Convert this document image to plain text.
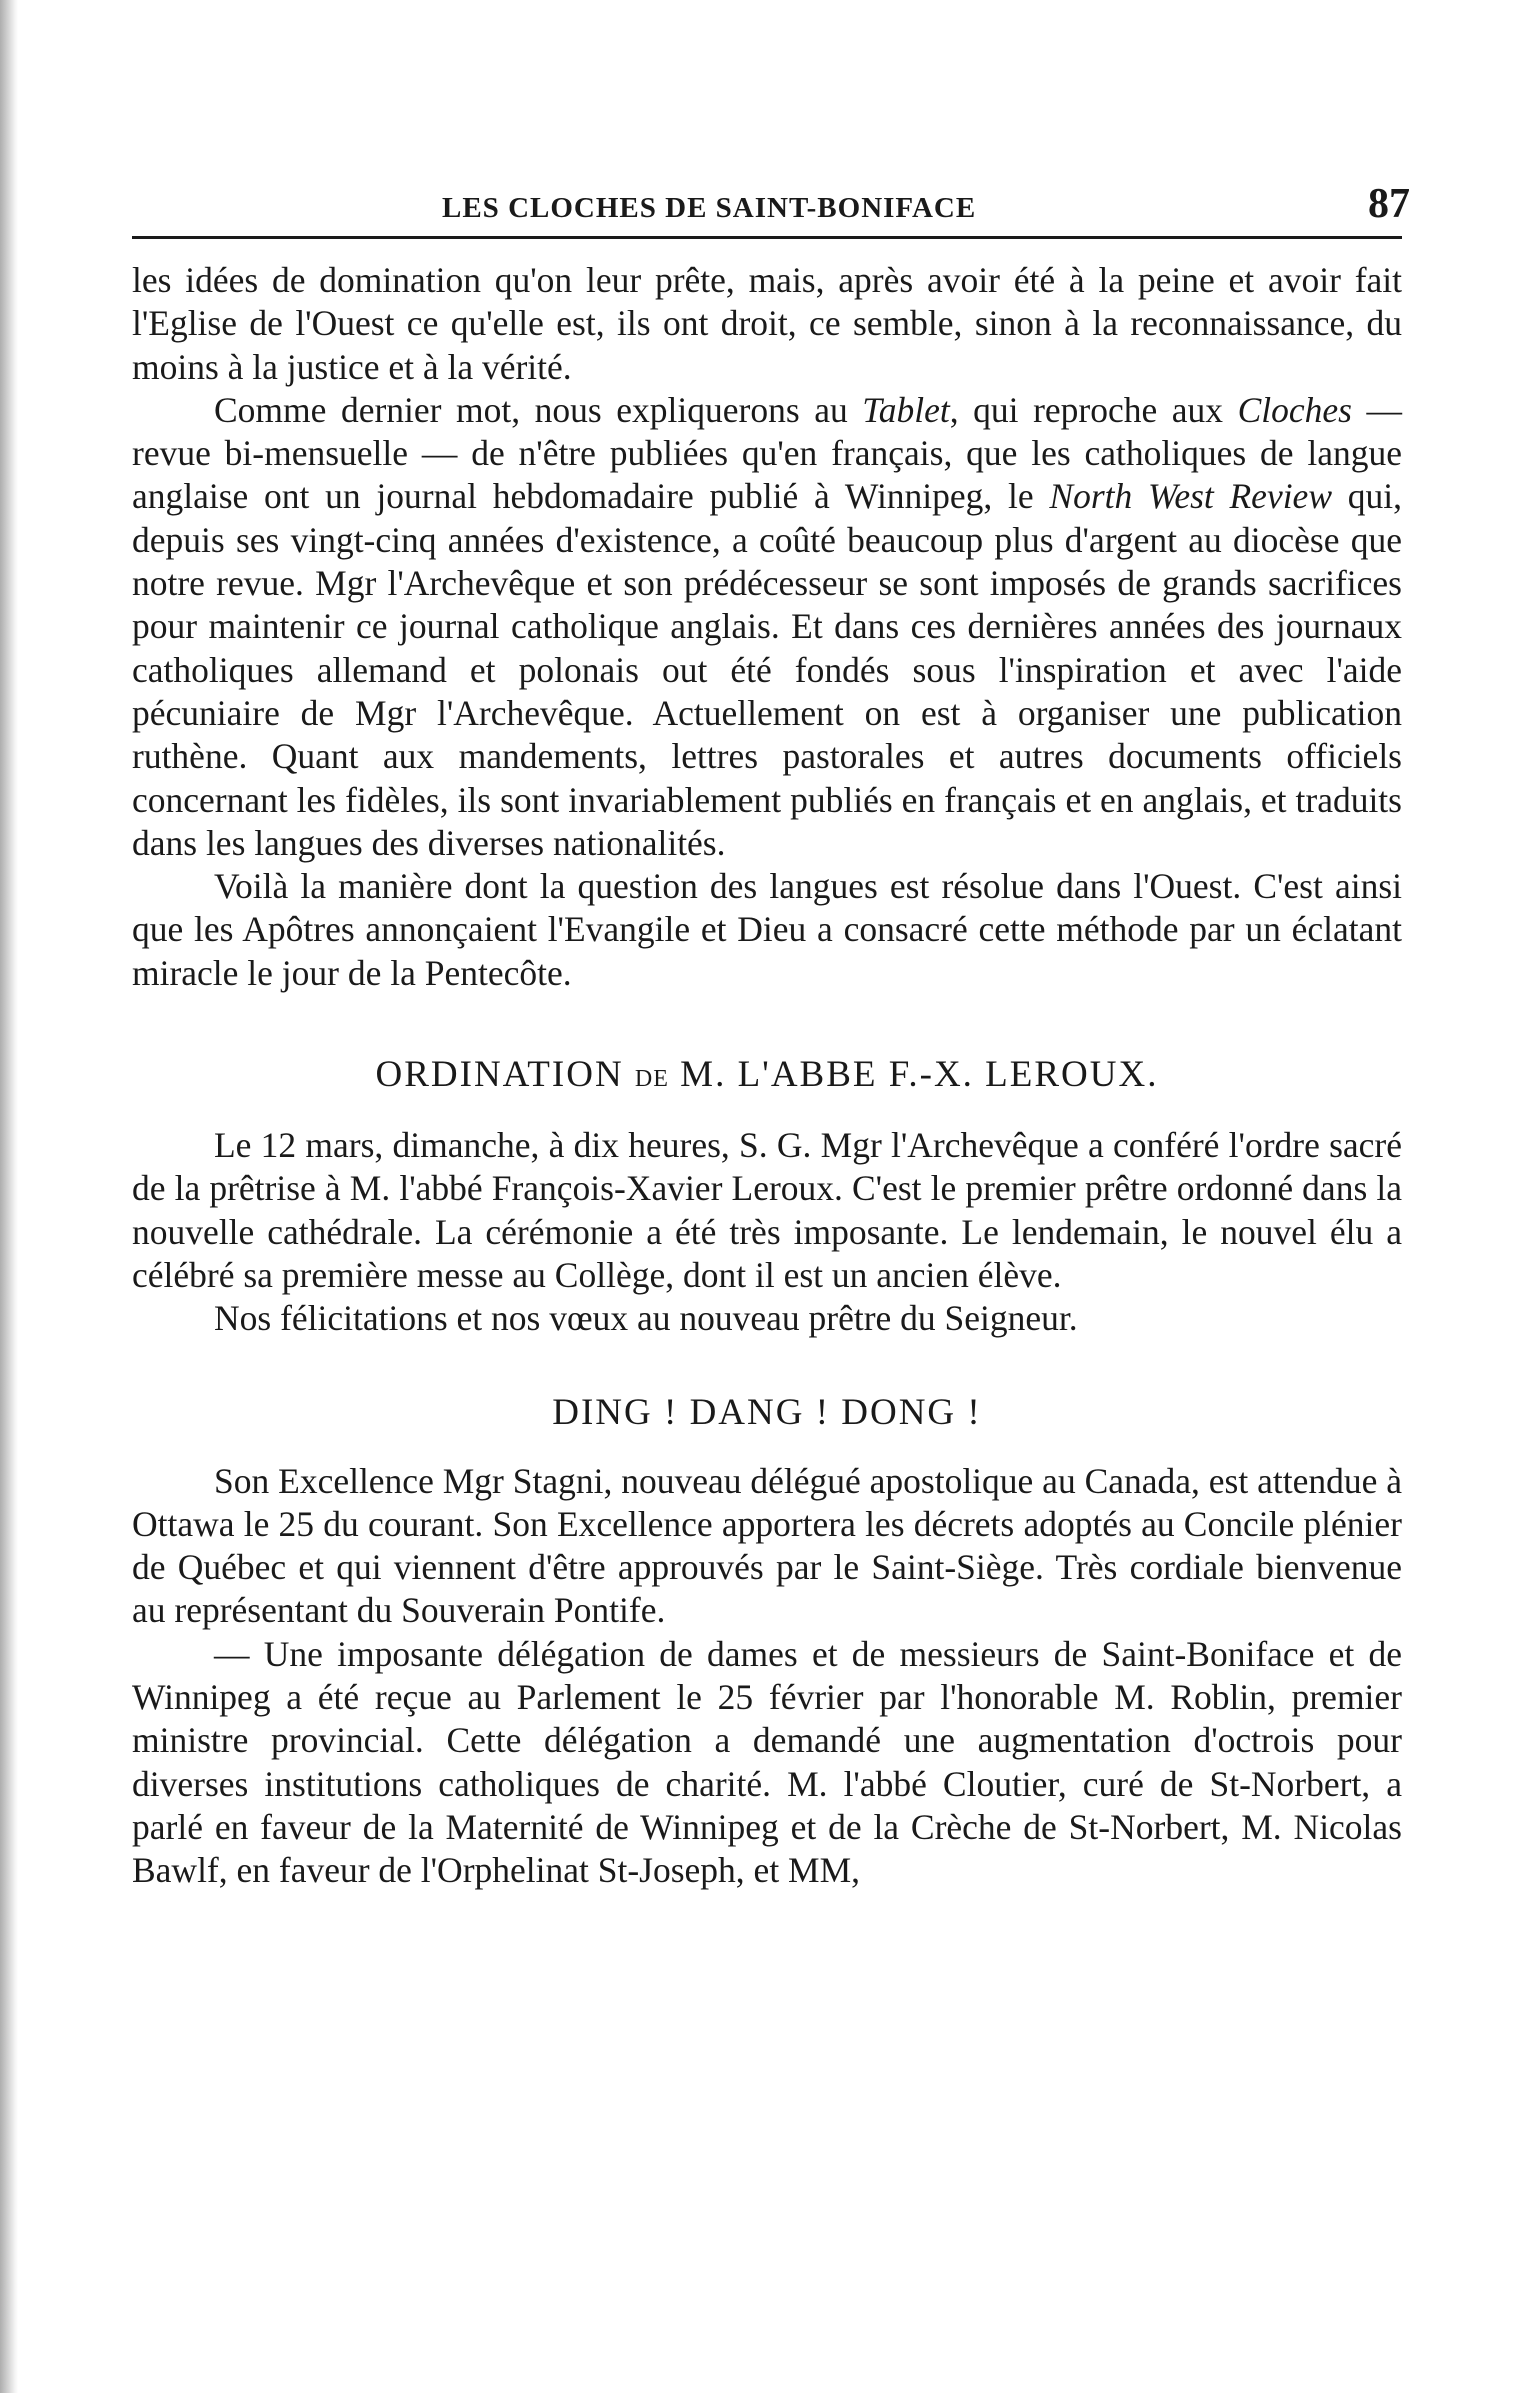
LES CLOCHES DE SAINT-BONIFACE	87

les idées de domination qu'on leur prête, mais, après avoir été à la peine et avoir fait l'Eglise de l'Ouest ce qu'elle est, ils ont droit, ce semble, sinon à la reconnaissance, du moins à la justice et à la vérité.

Comme dernier mot, nous expliquerons au Tablet, qui reproche aux Cloches — revue bi-mensuelle — de n'être publiées qu'en français, que les catholiques de langue anglaise ont un journal hebdomadaire publié à Winnipeg, le North West Review qui, depuis ses vingt-cinq années d'existence, a coûté beaucoup plus d'argent au diocèse que notre revue. Mgr l'Archevêque et son prédécesseur se sont imposés de grands sacrifices pour maintenir ce journal catholique anglais. Et dans ces dernières années des journaux catholiques allemand et polonais out été fondés sous l'inspiration et avec l'aide pécuniaire de Mgr l'Archevêque. Actuellement on est à organiser une publication ruthène. Quant aux mandements, lettres pastorales et autres documents officiels concernant les fidèles, ils sont invariablement publiés en français et en anglais, et traduits dans les langues des diverses nationalités.

Voilà la manière dont la question des langues est résolue dans l'Ouest. C'est ainsi que les Apôtres annonçaient l'Evangile et Dieu a consacré cette méthode par un éclatant miracle le jour de la Pentecôte.

ORDINATION DE M. L'ABBE F.-X. LEROUX.

Le 12 mars, dimanche, à dix heures, S. G. Mgr l'Archevêque a conféré l'ordre sacré de la prêtrise à M. l'abbé François-Xavier Leroux. C'est le premier prêtre ordonné dans la nouvelle cathédrale. La cérémonie a été très imposante. Le lendemain, le nouvel élu a célébré sa première messe au Collège, dont il est un ancien élève.

Nos félicitations et nos vœux au nouveau prêtre du Seigneur.

DING ! DANG ! DONG !

Son Excellence Mgr Stagni, nouveau délégué apostolique au Canada, est attendue à Ottawa le 25 du courant. Son Excellence apportera les décrets adoptés au Concile plénier de Québec et qui viennent d'être approuvés par le Saint-Siège. Très cordiale bienvenue au représentant du Souverain Pontife.

— Une imposante délégation de dames et de messieurs de Saint-Boniface et de Winnipeg a été reçue au Parlement le 25 février par l'honorable M. Roblin, premier ministre provincial. Cette délégation a demandé une augmentation d'octrois pour diverses institutions catholiques de charité. M. l'abbé Cloutier, curé de St-Norbert, a parlé en faveur de la Maternité de Winnipeg et de la Crèche de St-Norbert, M. Nicolas Bawlf, en faveur de l'Orphelinat St-Joseph, et MM,
